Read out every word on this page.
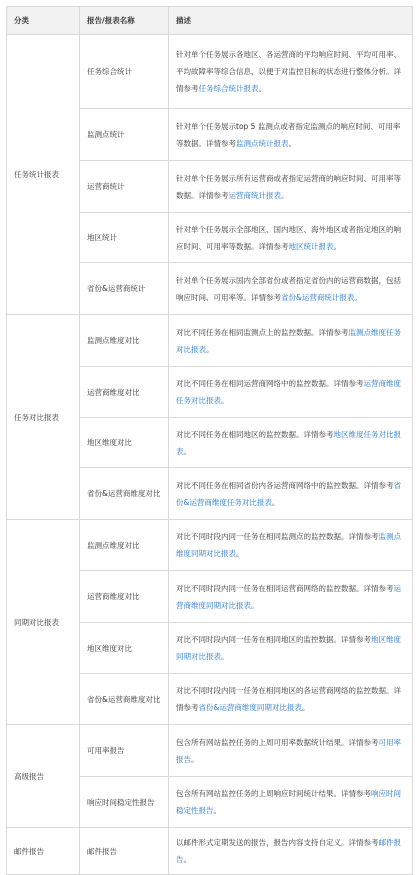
分类	报告/报表名称	描述
任务统计报表	任务综合统计	针对单个任务展示各地区、各运营商的平均响应时间、平均可用率、平均故障率等综合信息，以便于对监控目标的状态进行整体分析。详情参考任务综合统计报表。
	监测点统计	针对单个任务展示top 5 监测点或者指定监测点的响应时间、可用率等数据。详情参考监测点统计报表。
	运营商统计	针对单个任务展示所有运营商或者指定运营商的响应时间、可用率等数据。详情参考运营商统计报表。
	地区统计	针对单个任务展示全部地区、国内地区、海外地区或者指定地区的响应时间、可用率等数据。详情参考地区统计报表。
	省份&运营商统计	针对单个任务展示国内全部省份或者指定省份内的运营商数据，包括响应时间、可用率等。详情参考省份&运营商统计报表。
任务对比报表	监测点维度对比	对比不同任务在相同监测点上的监控数据。详情参考监测点维度任务对比报表。
	运营商维度对比	对比不同任务在相同运营商网络中的监控数据。详情参考运营商维度任务对比报表。
	地区维度对比	对比不同任务在相同地区的监控数据。详情参考地区维度任务对比报表。
	省份&运营商维度对比	对比不同任务在相同省份内各运营商网络中的监控数据。详情参考省份&运营商维度任务对比报表。
同期对比报表	监测点维度对比	对比不同时段内同一任务在相同监测点的监控数据。详情参考监测点维度同期对比报表。
	运营商维度对比	对比不同时段内同一任务在相同运营商网络的监控数据。详情参考运营商维度同期对比报表。
	地区维度对比	对比不同时段内同一任务在相同地区的监控数据。详情参考地区维度同期对比报表。
	省份&运营商维度对比	对比不同时段内同一任务在相同地区的各运营商网络的监控数据。详情参考省份&运营商维度同期对比报表。
高级报告	可用率报告	包含所有网站监控任务的上周可用率数据统计结果。详情参考可用率报告。
	响应时间稳定性报告	包含所有网站监控任务的上周响应时间统计结果。详情参考响应时间稳定性报告。
邮件报告	邮件报告	以邮件形式定期发送的报告，报告内容支持自定义。详情参考邮件报告。
